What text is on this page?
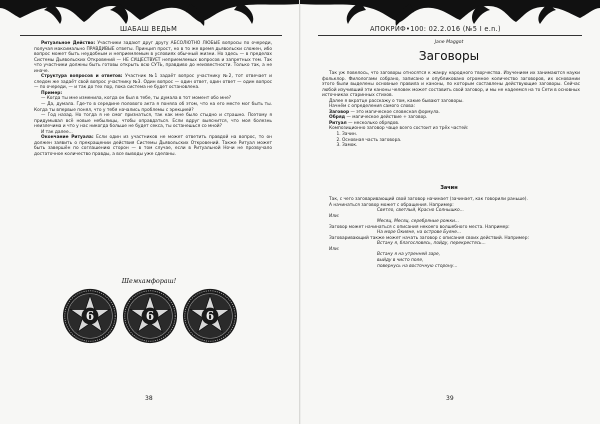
ШАБАШ ВЕДЬМ

Ритуальное Действо: Участники задают друг другу АБСОЛЮТНО ЛЮБЫЕ вопросы по очереди, получая максимально ПРАВДИВЫЕ ответы. Принцип прост, но в то же время дьявольски сложен, ибо вопрос может быть неудобным и неприемлемым в условиях обычный жизни. Но здесь — в пределах Системы Дьявольских Откровений — НЕ СУЩЕСТВУЕТ неприемлемых вопросов и запретных тем. Так что участники должны быть готовы открыть всю СУТЬ, правдиво до неизвестности. Только так, а не иначе.

Структура вопросов и ответов: Участник №1 задаёт вопрос участнику №2, тот отвечает и следом же задаёт свой вопрос участнику №3. Один вопрос — один ответ, один ответ — один вопрос — по очереди, — и так до тех пор, пока система не будет остановлена.

Пример:

— Когда ты мне изменила, когда он был в тебе, ты думала в тот момент обо мне?

— Да, думала. Где-то в середине полового акта я поняла об этом, что на его месте мог быть ты. Когда ты впервые понял, что у тебя начались проблемы с эрекцией?

— Год назад. Но тогда я не смог признаться, так как мне было стыдно и страшно. Поэтому я придумывал всё новые небылицы, чтобы оправдаться. Если вдруг выяснится, что моя болезнь неизлечима и что у нас никогда больше не будет секса, ты останешься со мной?

И так далее...

Окончание Ритуала: Если один из участников не может ответить правдой на вопрос, то он должен заявить о прекращении действия Системы Дьявольских Откровений. Также Ритуал может быть завершён по соглашению сторон — в том случае, если в Ритуальной Ночи не прозвучало достаточное количество правды, а все выводы уже сделаны.

Шемхамфораш!
38
АПОКРИФ•100: 02.2.016 (№5 I e.n.)
Jane Maggot
Заговоры

Так уж повелось, что заговоры относятся к жанру народного творчества. Изучением их занимаются науки фольклор. Филологами собрано, записано и опубликовано огромное количество заговоров, их основании этого были выделены основные правила и каноны, по которым составлены действующие заговоры. Сейчас любой изучивший эти каноны человек может составить свой заговор, и мы не надеемся на то Сети в основных источниках старинных стихов.

Далее я вкратце расскажу о том, какие бывают заговоры.

Начнём с определения самого слова:

Заговор — это магическое словесная формула.

Обряд — магическое действие + заговор.

Ритуал — несколько обрядов.

Композиционно заговор чаще всего состоит из трёх частей:

1. Зачин.
2. Основная часть заговора.
3. Замок.
Зачин

Так, с чего заговаривающий свой заговор начинает (зачинает, как говорили раньше).

А начинаться заговор может с обращения. Например:

Светло, светлый, Красно Солнышко...

Или:

Месяц, Месяц, серебряные рожки...

Заговор может начинаться с описания некоего волшебного места. Например:

На море Окияне, на острове Буяне...

Заговаривающий также может начать заговор с описания своих действий. Например:

Встану я, благословясь, пойду, перекрестясь...

Или:

Встану я на утренней заре,

выйду в чисто поле,

повернусь на восточную сторону...

39
